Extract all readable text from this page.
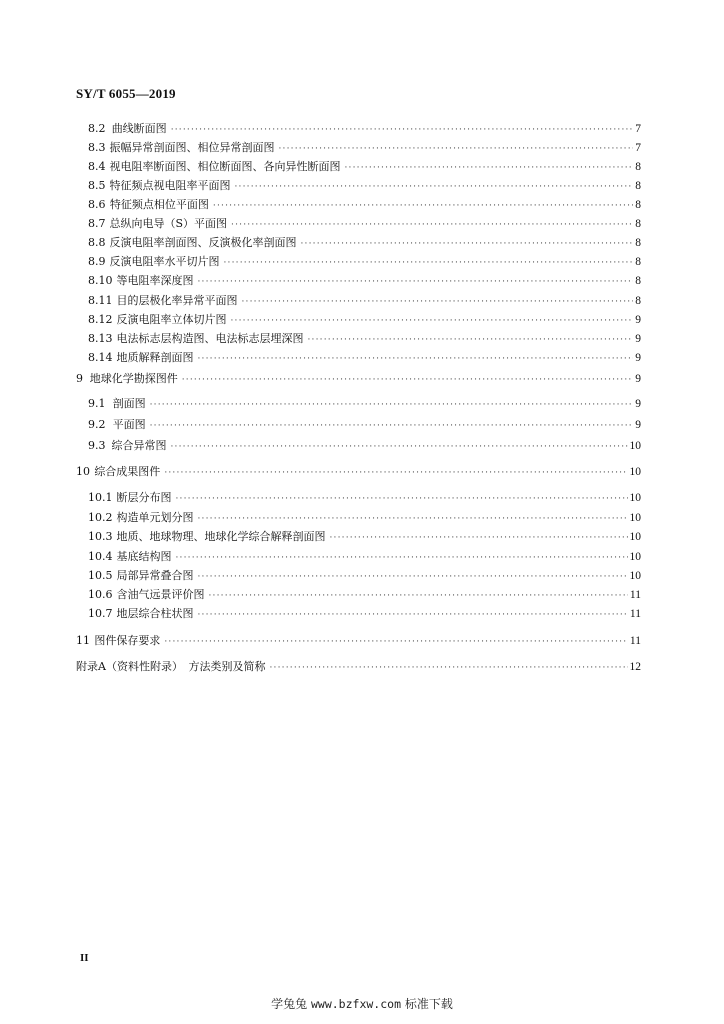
SY/T 6055—2019
8.2 曲线断面图 ·····	7
8.3 振幅异常剖面图、相位异常剖面图 ·····	7
8.4 视电阻率断面图、相位断面图、各向异性断面图 ·····	8
8.5 特征频点视电阻率平面图 ·····	8
8.6 特征频点相位平面图 ·····	8
8.7 总纵向电导（S）平面图 ·····	8
8.8 反演电阻率剖面图、反演极化率剖面图 ·····	8
8.9 反演电阻率水平切片图 ·····	8
8.10 等电阻率深度图 ·····	8
8.11 目的层极化率异常平面图 ·····	8
8.12 反演电阻率立体切片图 ·····	9
8.13 电法标志层构造图、电法标志层埋深图 ·····	9
8.14 地质解释剖面图 ·····	9
9 地球化学勘探图件 ·····	9
9.1 剖面图 ·····	9
9.2 平面图 ·····	9
9.3 综合异常图 ·····	10
10 综合成果图件 ·····	10
10.1 断层分布图 ·····	10
10.2 构造单元划分图 ·····	10
10.3 地质、地球物理、地球化学综合解释剖面图 ·····	10
10.4 基底结构图 ·····	10
10.5 局部异常叠合图 ·····	10
10.6 含油气远景评价图 ·····	11
10.7 地层综合柱状图 ·····	11
11 图件保存要求 ·····	11
附录A （资料性附录）　方法类别及简称 ·····	12
II
学兔兔 www.bzfxw.com 标准下载
